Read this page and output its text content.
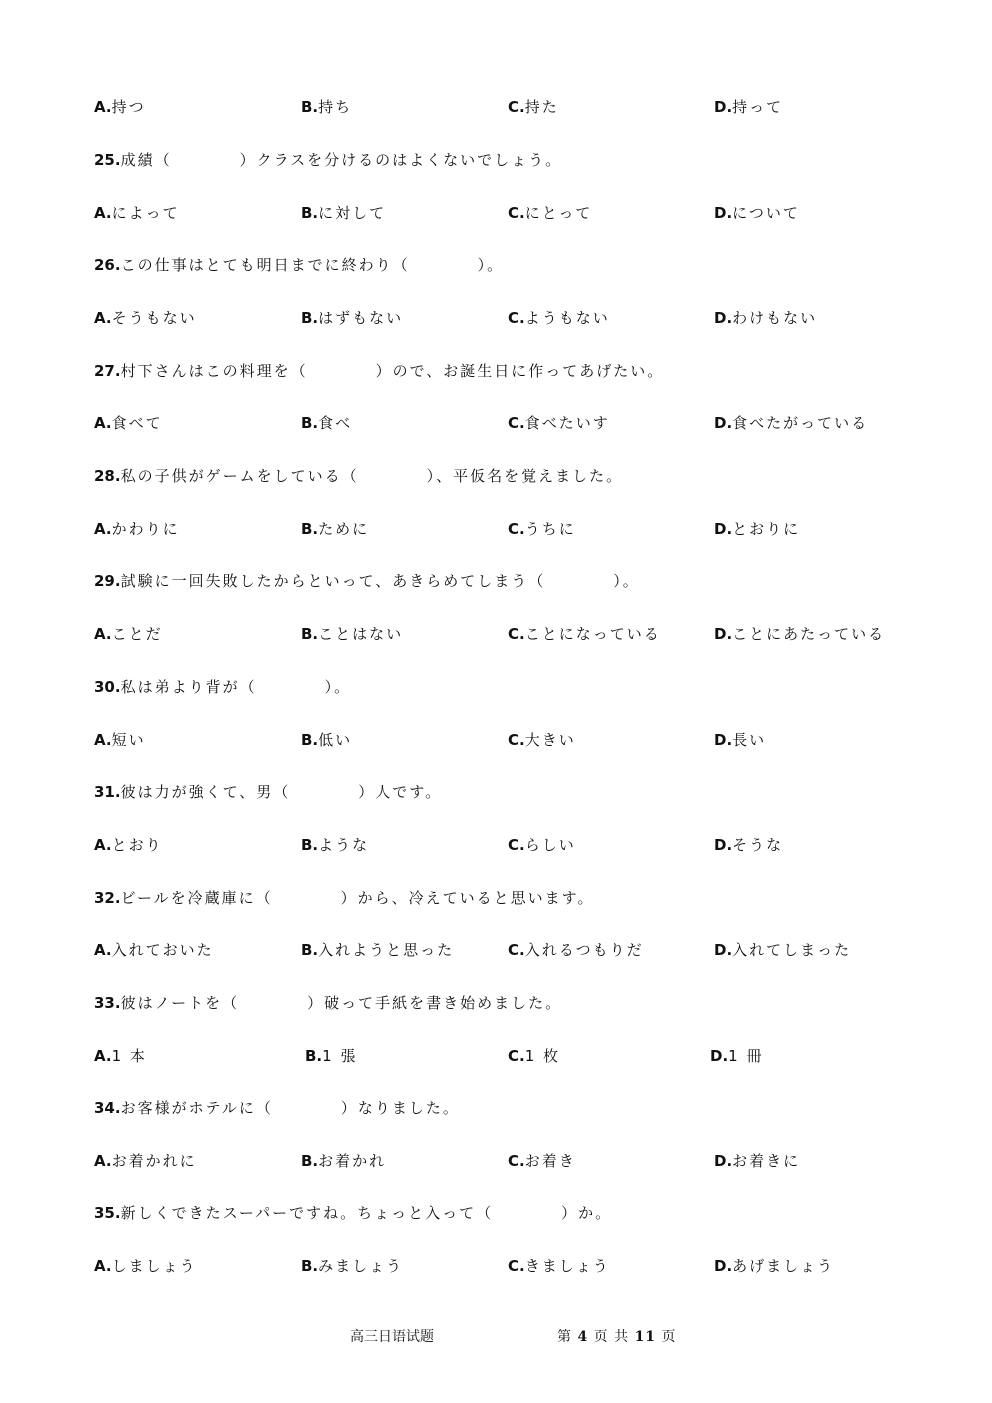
A.持つ	B.持ち	C.持た	D.持って
25.成績（　　　　）クラスを分けるのはよくないでしょう。
A.によって	B.に対して	C.にとって	D.について
26.この仕事はとても明日までに終わり（　　　　）。
A.そうもない	B.はずもない	C.ようもない	D.わけもない
27.村下さんはこの料理を（　　　　）ので、お誕生日に作ってあげたい。
A.食べて	B.食べ	C.食べたいす	D.食べたがっている
28.私の子供がゲームをしている（　　　　）、平仮名を覚えました。
A.かわりに	B.ために	C.うちに	D.とおりに
29.試験に一回失敗したからといって、あきらめてしまう（　　　　）。
A.ことだ	B.ことはない	C.ことになっている	D.ことにあたっている
30.私は弟より背が（　　　　）。
A.短い	B.低い	C.大きい	D.長い
31.彼は力が強くて、男（　　　　）人です。
A.とおり	B.ような	C.らしい	D.そうな
32.ビールを冷蔵庫に（　　　　）から、冷えていると思います。
A.入れておいた	B.入れようと思った	C.入れるつもりだ	D.入れてしまった
33.彼はノートを（　　　　）破って手紙を書き始めました。
A.1 本	B.1 張	C.1 枚	D.1 冊
34.お客様がホテルに（　　　　）なりました。
A.お着かれに	B.お着かれ	C.お着き	D.お着きに
35.新しくできたスーパーですね。ちょっと入って（　　　　）か。
A.しましょう	B.みましょう	C.きましょう	D.あげましょう
高三日语试题	第 4 页 共 11 页
